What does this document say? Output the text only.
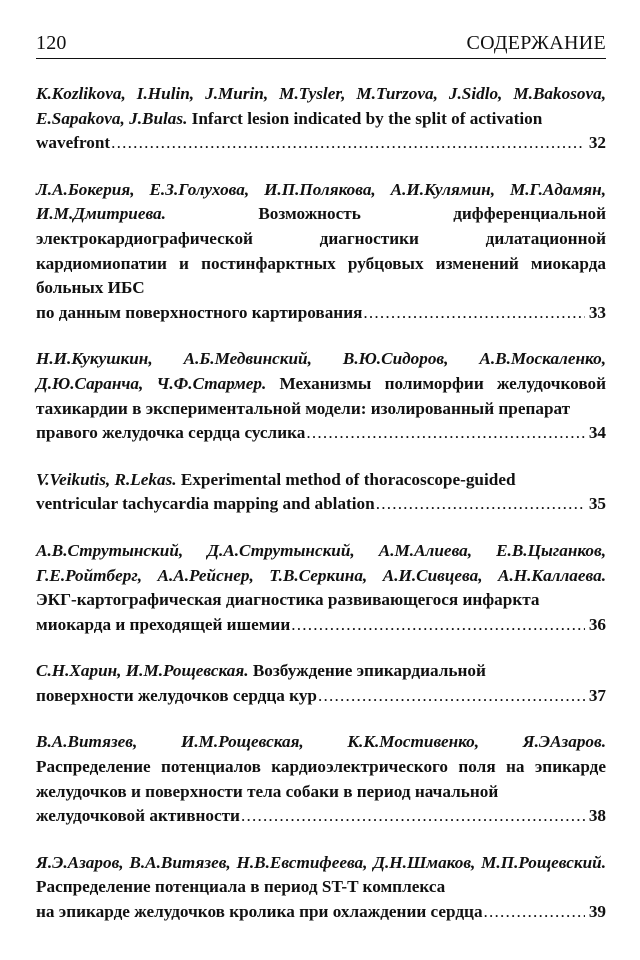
120	СОДЕРЖАНИЕ

K.Kozlikova, I.Hulin, J.Murin, M.Tysler, M.Turzova, J.Sidlo, M.Bakosova, E.Sapakova, J.Bulas. Infarct lesion indicated by the split of activation

wavefront .....	32

Л.А.Бокерия, Е.З.Голухова, И.П.Полякова, А.И.Кулямин, М.Г.Адамян, И.М.Дмитриева.	Возможность дифференциальной электрокардиографической диагностики дилатационной кардиомиопатии и постинфарктных рубцовых изменений миокарда больных ИБС

по данным поверхностного картирования .....	33

Н.И.Кукушкин, А.Б.Медвинский, В.Ю.Сидоров, А.В.Москаленко, Д.Ю.Саранча, Ч.Ф.Стармер. Механизмы полиморфии желудочковой тахикардии в экспериментальной модели: изолированный препарат

правого желудочка сердца суслика .....	34

V.Veikutis, R.Lekas. Experimental method of thoracoscope-guided

ventricular tachycardia mapping and ablation .....	35

А.В.Струтынский, Д.А.Струтынский, А.М.Алиева, Е.В.Цыганков, Г.Е.Ройтберг, А.А.Рейснер, Т.В.Серкина, А.И.Сивцева, А.Н.Каллаева. ЭКГ-картографическая диагностика развивающегося инфаркта

миокарда и преходящей ишемии .....	36

С.Н.Харин, И.М.Рощевская. Возбуждение эпикардиальной

поверхности желудочков сердца кур .....	37

В.А.Витязев, И.М.Рощевская, К.К.Мостивенко, Я.ЭАзаров. Распределение потенциалов кардиоэлектрического поля на эпикарде желудочков и поверхности тела собаки в период начальной

желудочковой активности .....	38

Я.Э.Азаров, В.А.Витязев, Н.В.Евстифеева, Д.Н.Шмаков, М.П.Рощевский. Распределение потенциала в период ST-T комплекса

на эпикарде желудочков кролика при охлаждении сердца .....	39
